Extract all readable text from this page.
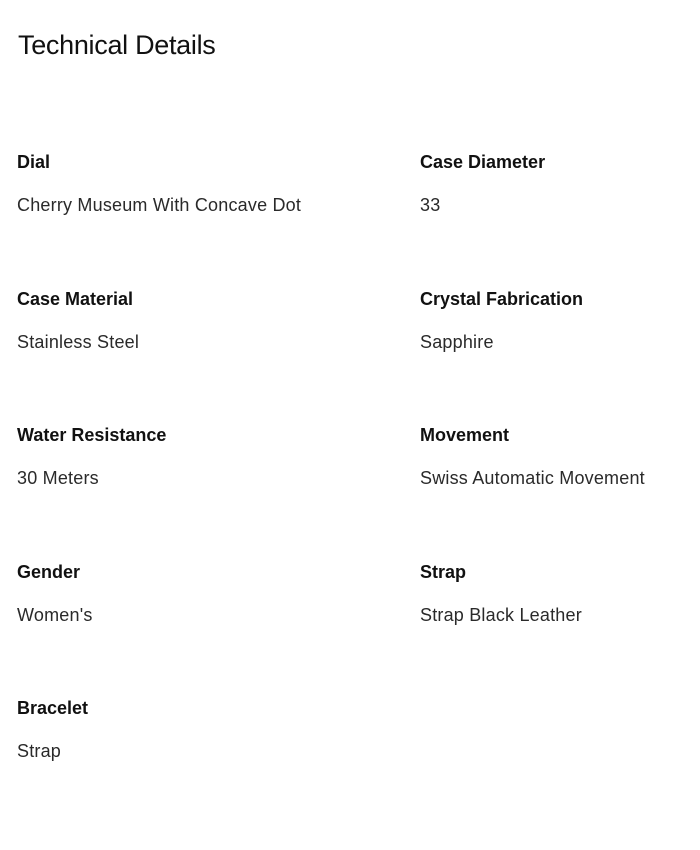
Technical Details
Dial
Cherry Museum With Concave Dot
Case Diameter
33
Case Material
Stainless Steel
Crystal Fabrication
Sapphire
Water Resistance
30 Meters
Movement
Swiss Automatic Movement
Gender
Women's
Strap
Strap Black Leather
Bracelet
Strap
